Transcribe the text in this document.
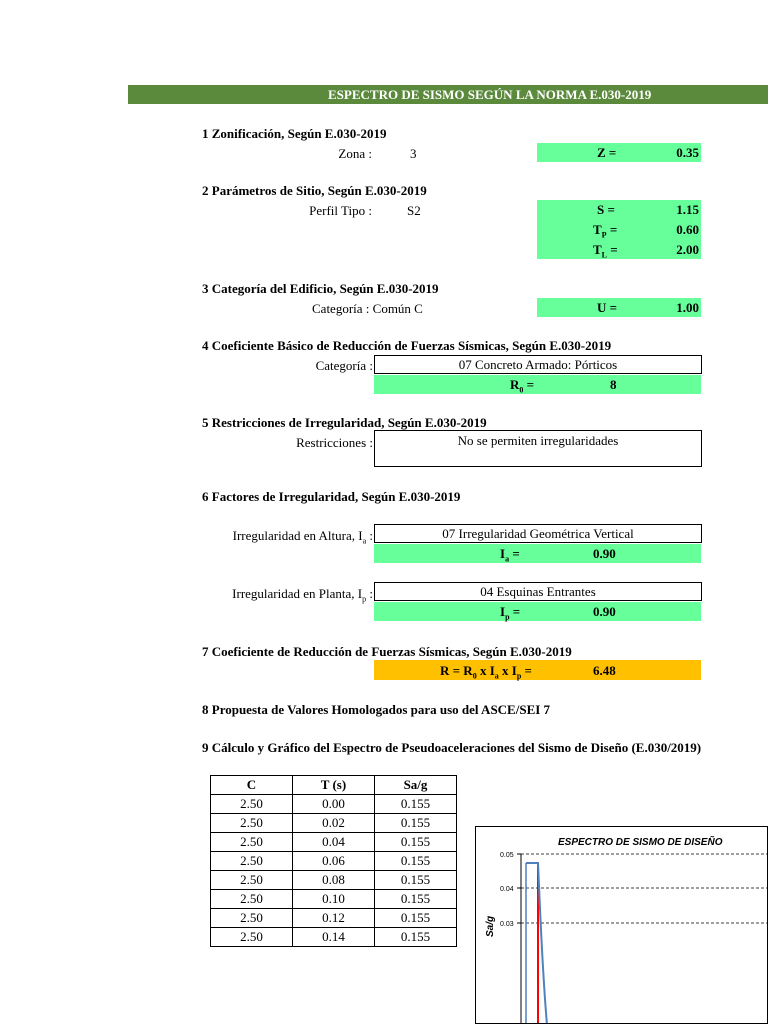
ESPECTRO DE SISMO SEGÚN LA NORMA E.030-2019
1 Zonificación, Según E.030-2019
Zona :	3	Z =	0.35
2 Parámetros de Sitio, Según E.030-2019
Perfil Tipo :	S2	S =	1.15
$T_P$ =	0.60
$T_L$ =	2.00
3 Categoría del Edificio, Según E.030-2019
Categoría : Común C	U =	1.00
4 Coeficiente Básico de Reducción de Fuerzas Sísmicas, Según E.030-2019
Categoría :	07 Concreto Armado: Pórticos
$R_0$ =	8
5 Restricciones de Irregularidad, Según E.030-2019
Restricciones :	No se permiten irregularidades
6 Factores de Irregularidad, Según E.030-2019
Irregularidad en Altura, $I_a$ :	07 Irregularidad Geométrica Vertical
$I_a$ =	0.90
Irregularidad en Planta, $I_p$ :	04 Esquinas Entrantes
$I_p$ =	0.90
7 Coeficiente de Reducción de Fuerzas Sísmicas, Según E.030-2019
$R = R_0$ x $I_a$ x $I_p$ =	6.48
8 Propuesta de Valores Homologados para uso del ASCE/SEI 7
9 Cálculo y Gráfico del Espectro de Pseudoaceleraciones del Sismo de Diseño (E.030/2019)
C	T (s)	Sa/g
2.50	0.00	0.155
2.50	0.02	0.155
2.50	0.04	0.155
2.50	0.06	0.155
2.50	0.08	0.155
2.50	0.10	0.155
2.50	0.12	0.155
2.50	0.14	0.155
ESPECTRO DE SISMO DE DISEÑO
0.05
0.04
0.03
Sa/g
